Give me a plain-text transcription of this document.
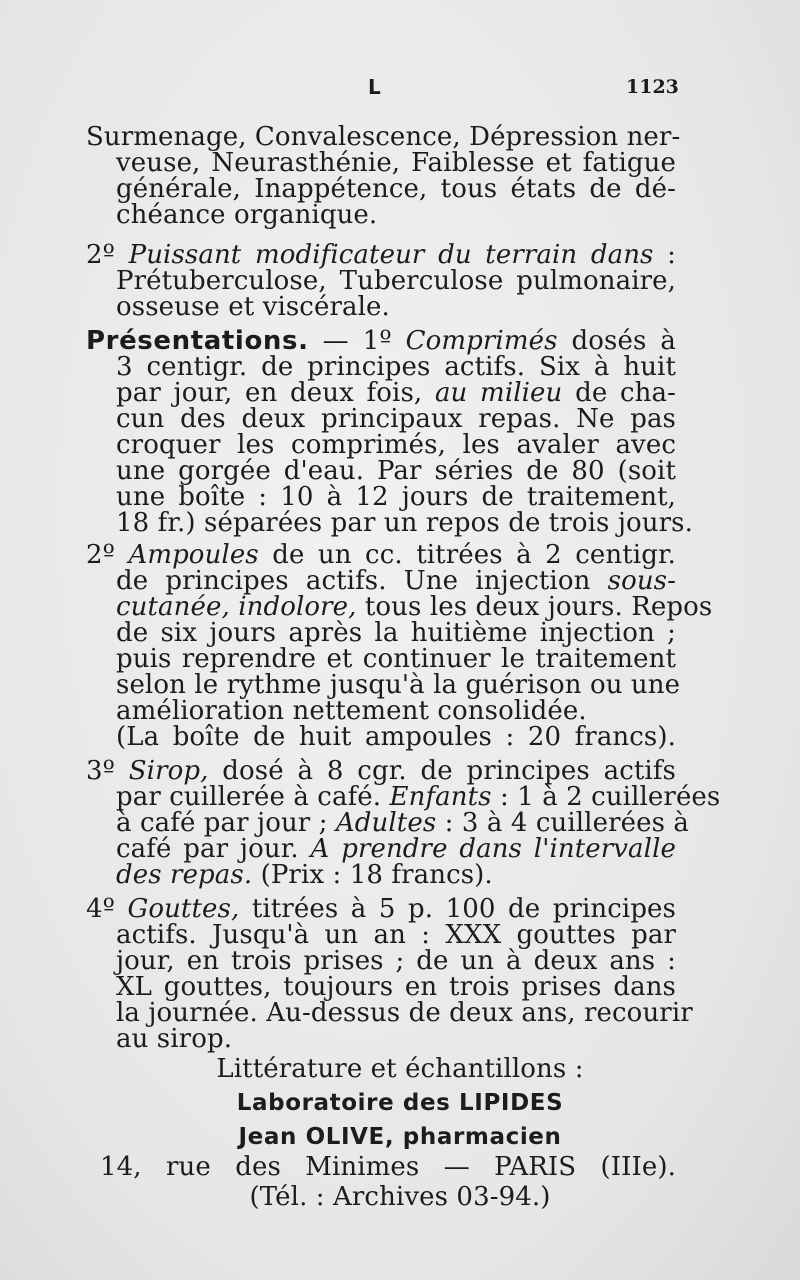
L	1123
Surmenage, Convalescence, Dépression ner-
veuse, Neurasthénie, Faiblesse et fatigue
générale, Inappétence, tous états de dé-
chéance organique.
2º Puissant modificateur du terrain dans :
Prétuberculose, Tuberculose pulmonaire,
osseuse et viscérale.
Présentations. — 1º Comprimés dosés à
3 centigr. de principes actifs. Six à huit
par jour, en deux fois, au milieu de cha-
cun des deux principaux repas. Ne pas
croquer les comprimés, les avaler avec
une gorgée d'eau. Par séries de 80 (soit
une boîte : 10 à 12 jours de traitement,
18 fr.) séparées par un repos de trois jours.
2º Ampoules de un cc. titrées à 2 centigr.
de principes actifs. Une injection sous-
cutanée, indolore, tous les deux jours. Repos
de six jours après la huitième injection ;
puis reprendre et continuer le traitement
selon le rythme jusqu'à la guérison ou une
amélioration nettement consolidée.
(La boîte de huit ampoules : 20 francs).
3º Sirop, dosé à 8 cgr. de principes actifs
par cuillerée à café. Enfants : 1 à 2 cuillerées
à café par jour ; Adultes : 3 à 4 cuillerées à
café par jour. A prendre dans l'intervalle
des repas. (Prix : 18 francs).
4º Gouttes, titrées à 5 p. 100 de principes
actifs. Jusqu'à un an : XXX gouttes par
jour, en trois prises ; de un à deux ans :
XL gouttes, toujours en trois prises dans
la journée. Au-dessus de deux ans, recourir
au sirop.
Littérature et échantillons :
Laboratoire des LIPIDES
Jean OLIVE, pharmacien
14, rue des Minimes — PARIS (IIIe).
(Tél. : Archives 03-94.)
